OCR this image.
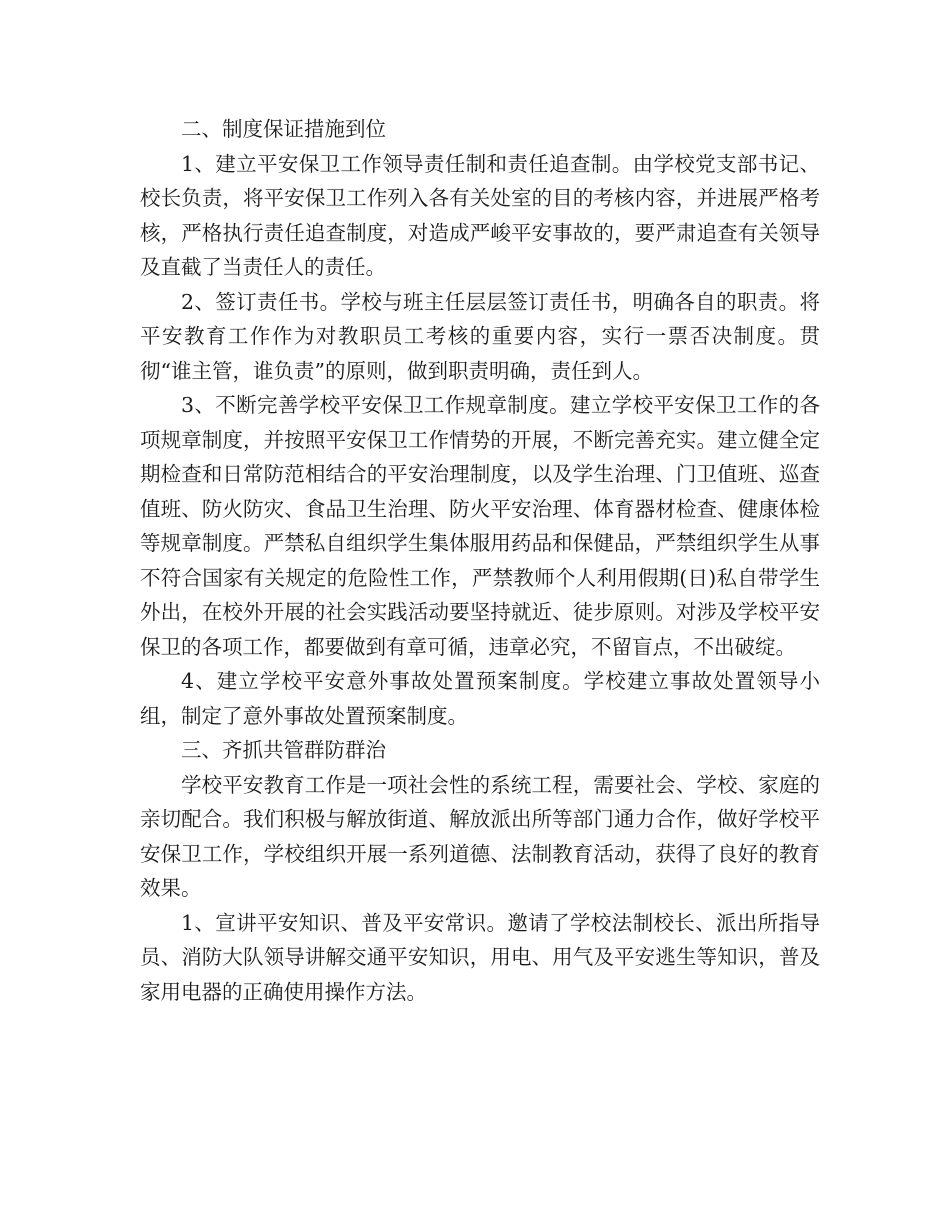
二、制度保证措施到位

1、建立平安保卫工作领导责任制和责任追查制。由学校党支部书记、校长负责，将平安保卫工作列入各有关处室的目的考核内容，并进展严格考核，严格执行责任追查制度，对造成严峻平安事故的，要严肃追查有关领导及直截了当责任人的责任。

2、签订责任书。学校与班主任层层签订责任书，明确各自的职责。将平安教育工作作为对教职员工考核的重要内容，实行一票否决制度。贯彻“谁主管，谁负责”的原则，做到职责明确，责任到人。

3、不断完善学校平安保卫工作规章制度。建立学校平安保卫工作的各项规章制度，并按照平安保卫工作情势的开展，不断完善充实。建立健全定期检查和日常防范相结合的平安治理制度，以及学生治理、门卫值班、巡查值班、防火防灾、食品卫生治理、防火平安治理、体育器材检查、健康体检等规章制度。严禁私自组织学生集体服用药品和保健品，严禁组织学生从事不符合国家有关规定的危险性工作，严禁教师个人利用假期(日)私自带学生外出，在校外开展的社会实践活动要坚持就近、徒步原则。对涉及学校平安保卫的各项工作，都要做到有章可循，违章必究，不留盲点，不出破绽。

4、建立学校平安意外事故处置预案制度。学校建立事故处置领导小组，制定了意外事故处置预案制度。

三、齐抓共管群防群治

学校平安教育工作是一项社会性的系统工程，需要社会、学校、家庭的亲切配合。我们积极与解放街道、解放派出所等部门通力合作，做好学校平安保卫工作，学校组织开展一系列道德、法制教育活动，获得了良好的教育效果。

1、宣讲平安知识、普及平安常识。邀请了学校法制校长、派出所指导员、消防大队领导讲解交通平安知识，用电、用气及平安逃生等知识，普及家用电器的正确使用操作方法。
